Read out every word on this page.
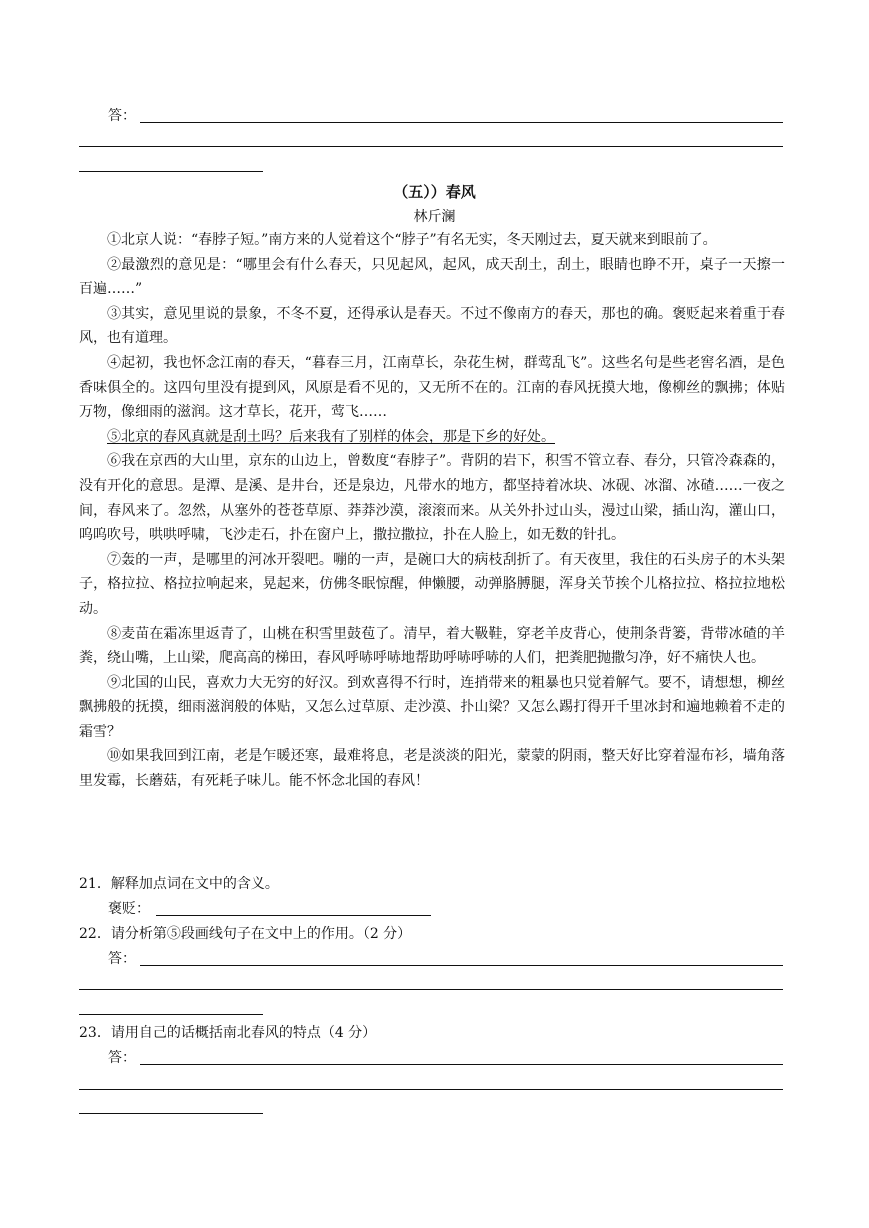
答：
（五））春风
林斤澜

①北京人说：“春脖子短。”南方来的人觉着这个“脖子”有名无实，冬天刚过去，夏天就来到眼前了。

②最激烈的意见是：“哪里会有什么春天，只见起风，起风，成天刮土，刮土，眼睛也睁不开，桌子一天擦一百遍……”

③其实，意见里说的景象，不冬不夏，还得承认是春天。不过不像南方的春天，那也的确。褒贬起来着重于春风，也有道理。

④起初，我也怀念江南的春天，“暮春三月，江南草长，杂花生树，群莺乱飞”。这些名句是些老窖名酒，是色香味俱全的。这四句里没有提到风，风原是看不见的，又无所不在的。江南的春风抚摸大地，像柳丝的飘拂；体贴万物，像细雨的滋润。这才草长，花开，莺飞……

⑤北京的春风真就是刮土吗？后来我有了别样的体会，那是下乡的好处。

⑥我在京西的大山里，京东的山边上，曾数度“春脖子”。背阴的岩下，积雪不管立春、春分，只管冷森森的，没有开化的意思。是潭、是溪、是井台，还是泉边，凡带水的地方，都坚持着冰块、冰砚、冰溜、冰碴……一夜之间，春风来了。忽然，从塞外的苍苍草原、莽莽沙漠，滚滚而来。从关外扑过山头，漫过山梁，插山沟，灌山口，呜呜吹号，哄哄呼啸，飞沙走石，扑在窗户上，撒拉撒拉，扑在人脸上，如无数的针扎。

⑦轰的一声，是哪里的河冰开裂吧。嘣的一声，是碗口大的病枝刮折了。有天夜里，我住的石头房子的木头架子，格拉拉、格拉拉响起来，晃起来，仿佛冬眠惊醒，伸懒腰，动弹胳膊腿，浑身关节挨个儿格拉拉、格拉拉地松动。

⑧麦苗在霜冻里返青了，山桃在积雪里鼓苞了。清早，着大靸鞋，穿老羊皮背心，使荆条背篓，背带冰碴的羊粪，绕山嘴，上山梁，爬高高的梯田，春风呼哧呼哧地帮助呼哧呼哧的人们，把粪肥抛撒匀净，好不痛快人也。

⑨北国的山民，喜欢力大无穷的好汉。到欢喜得不行时，连捎带来的粗暴也只觉着解气。要不，请想想，柳丝飘拂般的抚摸，细雨滋润般的体贴，又怎么过草原、走沙漠、扑山梁？又怎么踢打得开千里冰封和遍地赖着不走的霜雪？

⑩如果我回到江南，老是乍暖还寒，最难将息，老是淡淡的阳光，蒙蒙的阴雨，整天好比穿着湿布衫，墙角落里发霉，长蘑菇，有死耗子味儿。能不怀念北国的春风！

21．解释加点词在文中的含义。
褒贬：
22．请分析第⑤段画线句子在文中上的作用。（2 分）
答：
23．请用自己的话概括南北春风的特点（4 分）
答：
